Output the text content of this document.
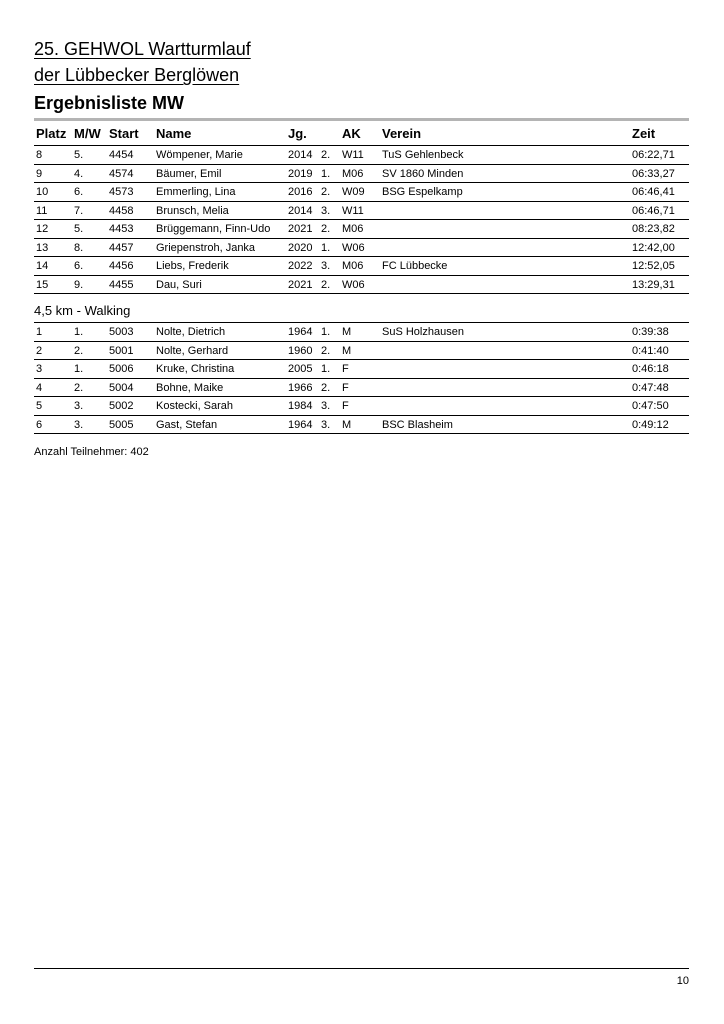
25. GEHWOL Wartturmlauf
der Lübbecker Berglöwen
Ergebnisliste MW
Platz M/W Start Name	Jg.	AK Verein	Zeit
8	5. 4454 Wömpener, Marie	2014 2. W11 TuS Gehlenbeck	06:22,71
9	4. 4574 Bäumer, Emil	2019 1. M06 SV 1860 Minden	06:33,27
10 6. 4573 Emmerling, Lina	2016 2. W09 BSG Espelkamp	06:46,41
11 7. 4458 Brunsch, Melia	2014 3. W11	06:46,71
12 5. 4453 Brüggemann, Finn-Udo 2021 2. M06	08:23,82
13 8. 4457 Griepenstroh, Janka	2020 1. W06	12:42,00
14 6. 4456 Liebs, Frederik	2022 3. M06 FC Lübbecke	12:52,05
15 9. 4455 Dau, Suri	2021 2. W06	13:29,31
4,5 km - Walking
1	1. 5003 Nolte, Dietrich	1964 1. M	SuS Holzhausen	0:39:38
2	2. 5001 Nolte, Gerhard	1960 2. M	0:41:40
3	1. 5006 Kruke, Christina	2005 1. F	0:46:18
4	2. 5004 Bohne, Maike	1966 2. F	0:47:48
5	3. 5002 Kostecki, Sarah	1984 3. F	0:47:50
6	3. 5005 Gast, Stefan	1964 3. M	BSC Blasheim	0:49:12
Anzahl Teilnehmer: 402
10
